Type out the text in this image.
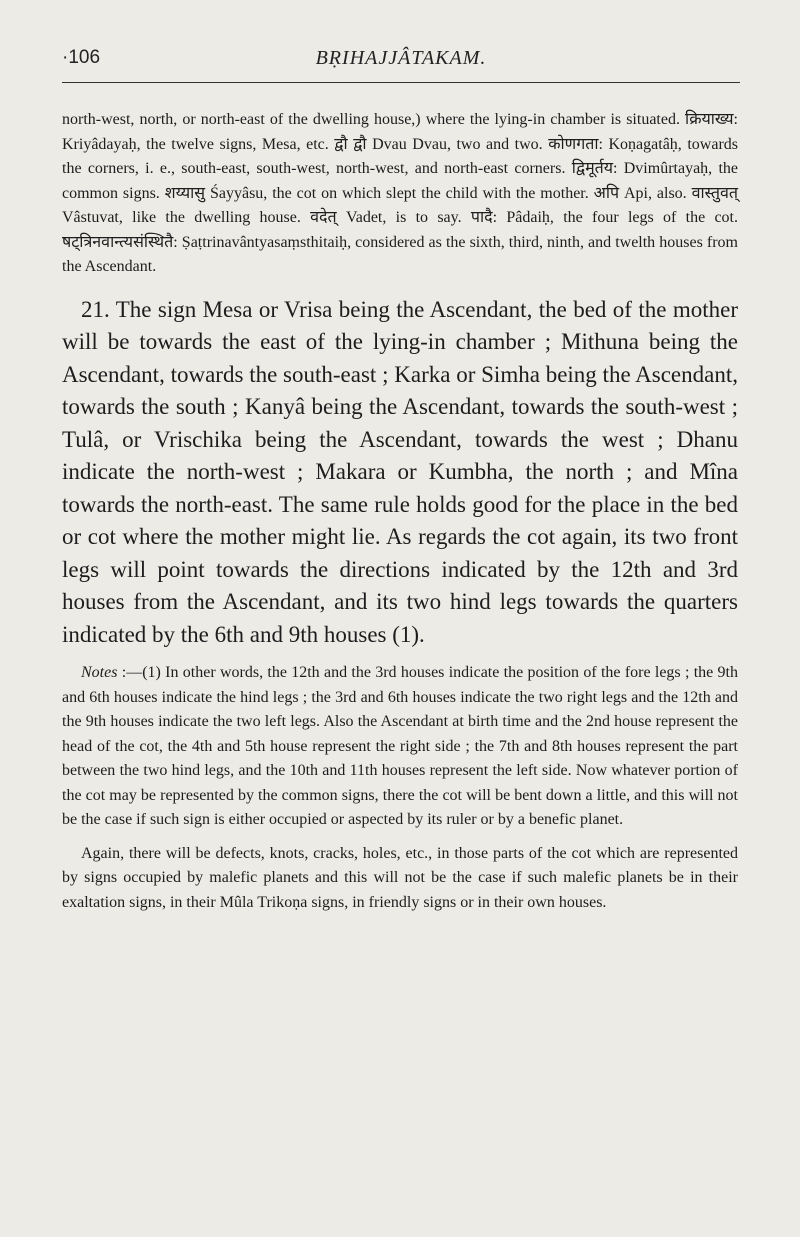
·106	BṚIHAJJÂTAKAM.

north-west, north, or north-east of the dwelling house,) where the lying-in chamber is situated. क्रियाख्य: Kriyâdayaḥ, the twelve signs, Mesa, etc. द्वौ द्वौ Dvau Dvau, two and two. कोणगता: Koṇagatâḥ, towards the corners, i. e., south-east, south-west, north-west, and north-east corners. द्विमूर्तय: Dvimûrtayaḥ, the common signs. शय्यासु Śayyâsu, the cot on which slept the child with the mother. अपि Api, also. वास्तुवत् Vâstuvat, like the dwelling house. वदेत् Vadet, is to say. पादै: Pâdaiḥ, the four legs of the cot. षट्त्रिनवान्त्यसंस्थितै: Ṣaṭtrinavântyasaṃsthitaiḥ, considered as the sixth, third, ninth, and twelth houses from the Ascendant.

21. The sign Mesa or Vrisa being the Ascendant, the bed of the mother will be towards the east of the lying-in chamber ; Mithuna being the Ascendant, towards the south-east ; Karka or Simha being the Ascendant, towards the south ; Kanyâ being the Ascendant, towards the south-west ; Tulâ, or Vrischika being the Ascendant, towards the west ; Dhanu indicate the north-west ; Makara or Kumbha, the north ; and Mîna towards the north-east. The same rule holds good for the place in the bed or cot where the mother might lie. As regards the cot again, its two front legs will point towards the directions indicated by the 12th and 3rd houses from the Ascendant, and its two hind legs towards the quarters indicated by the 6th and 9th houses (1).

Notes :—(1) In other words, the 12th and the 3rd houses indicate the position of the fore legs ; the 9th and 6th houses indicate the hind legs ; the 3rd and 6th houses indicate the two right legs and the 12th and the 9th houses indicate the two left legs. Also the Ascendant at birth time and the 2nd house represent the head of the cot, the 4th and 5th house represent the right side ; the 7th and 8th houses represent the part between the two hind legs, and the 10th and 11th houses represent the left side. Now whatever portion of the cot may be represented by the common signs, there the cot will be bent down a little, and this will not be the case if such sign is either occupied or aspected by its ruler or by a benefic planet.

Again, there will be defects, knots, cracks, holes, etc., in those parts of the cot which are represented by signs occupied by malefic planets and this will not be the case if such malefic planets be in their exaltation signs, in their Mûla Trikoṇa signs, in friendly signs or in their own houses.
